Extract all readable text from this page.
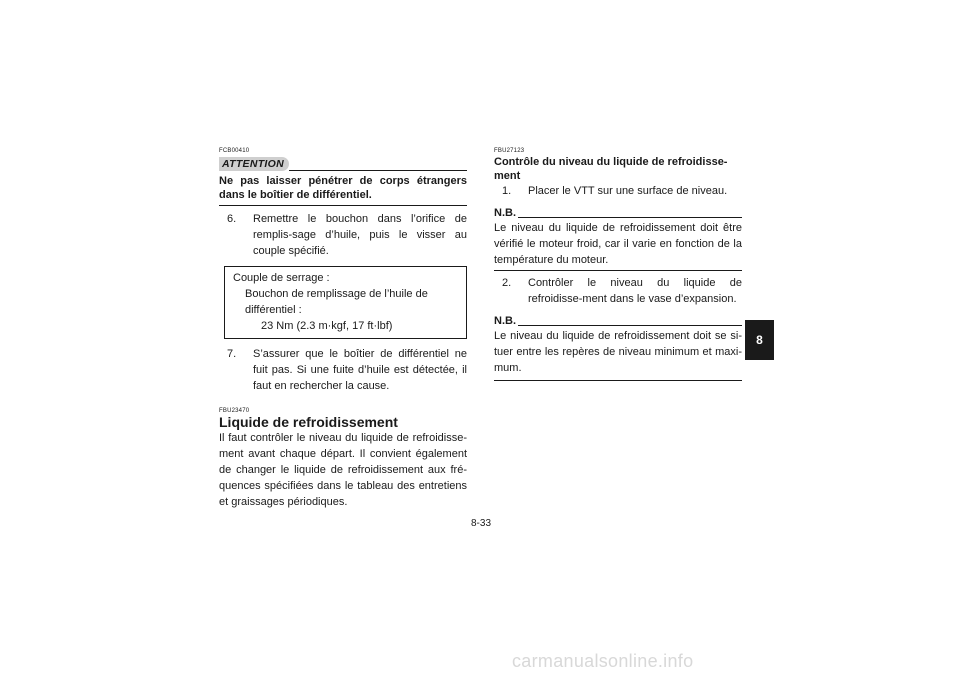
FCB00410
ATTENTION

Ne pas laisser pénétrer de corps étrangers dans le boîtier de différentiel.

6.	Remettre le bouchon dans l’orifice de remplis-sage d’huile, puis le visser au couple spécifié.
Couple de serrage :
Bouchon de remplissage de l’huile de
différentiel :
23 Nm (2.3 m·kgf, 17 ft·lbf)
7.	S’assurer que le boîtier de différentiel ne fuit pas. Si une fuite d’huile est détectée, il faut en rechercher la cause.
FBU23470
Liquide de refroidissement

Il faut contrôler le niveau du liquide de refroidisse-ment avant chaque départ. Il convient également de changer le liquide de refroidissement aux fré-quences spécifiées dans le tableau des entretiens et graissages périodiques.

FBU27123
Contrôle du niveau du liquide de refroidisse-ment
1.	Placer le VTT sur une surface de niveau.
N.B.

Le niveau du liquide de refroidissement doit être vérifié le moteur froid, car il varie en fonction de la température du moteur.

2.	Contrôler le niveau du liquide de refroidisse-ment dans le vase d’expansion.
N.B.

Le niveau du liquide de refroidissement doit se si-tuer entre les repères de niveau minimum et maxi-mum.

8
8-33
carmanualsonline.info
